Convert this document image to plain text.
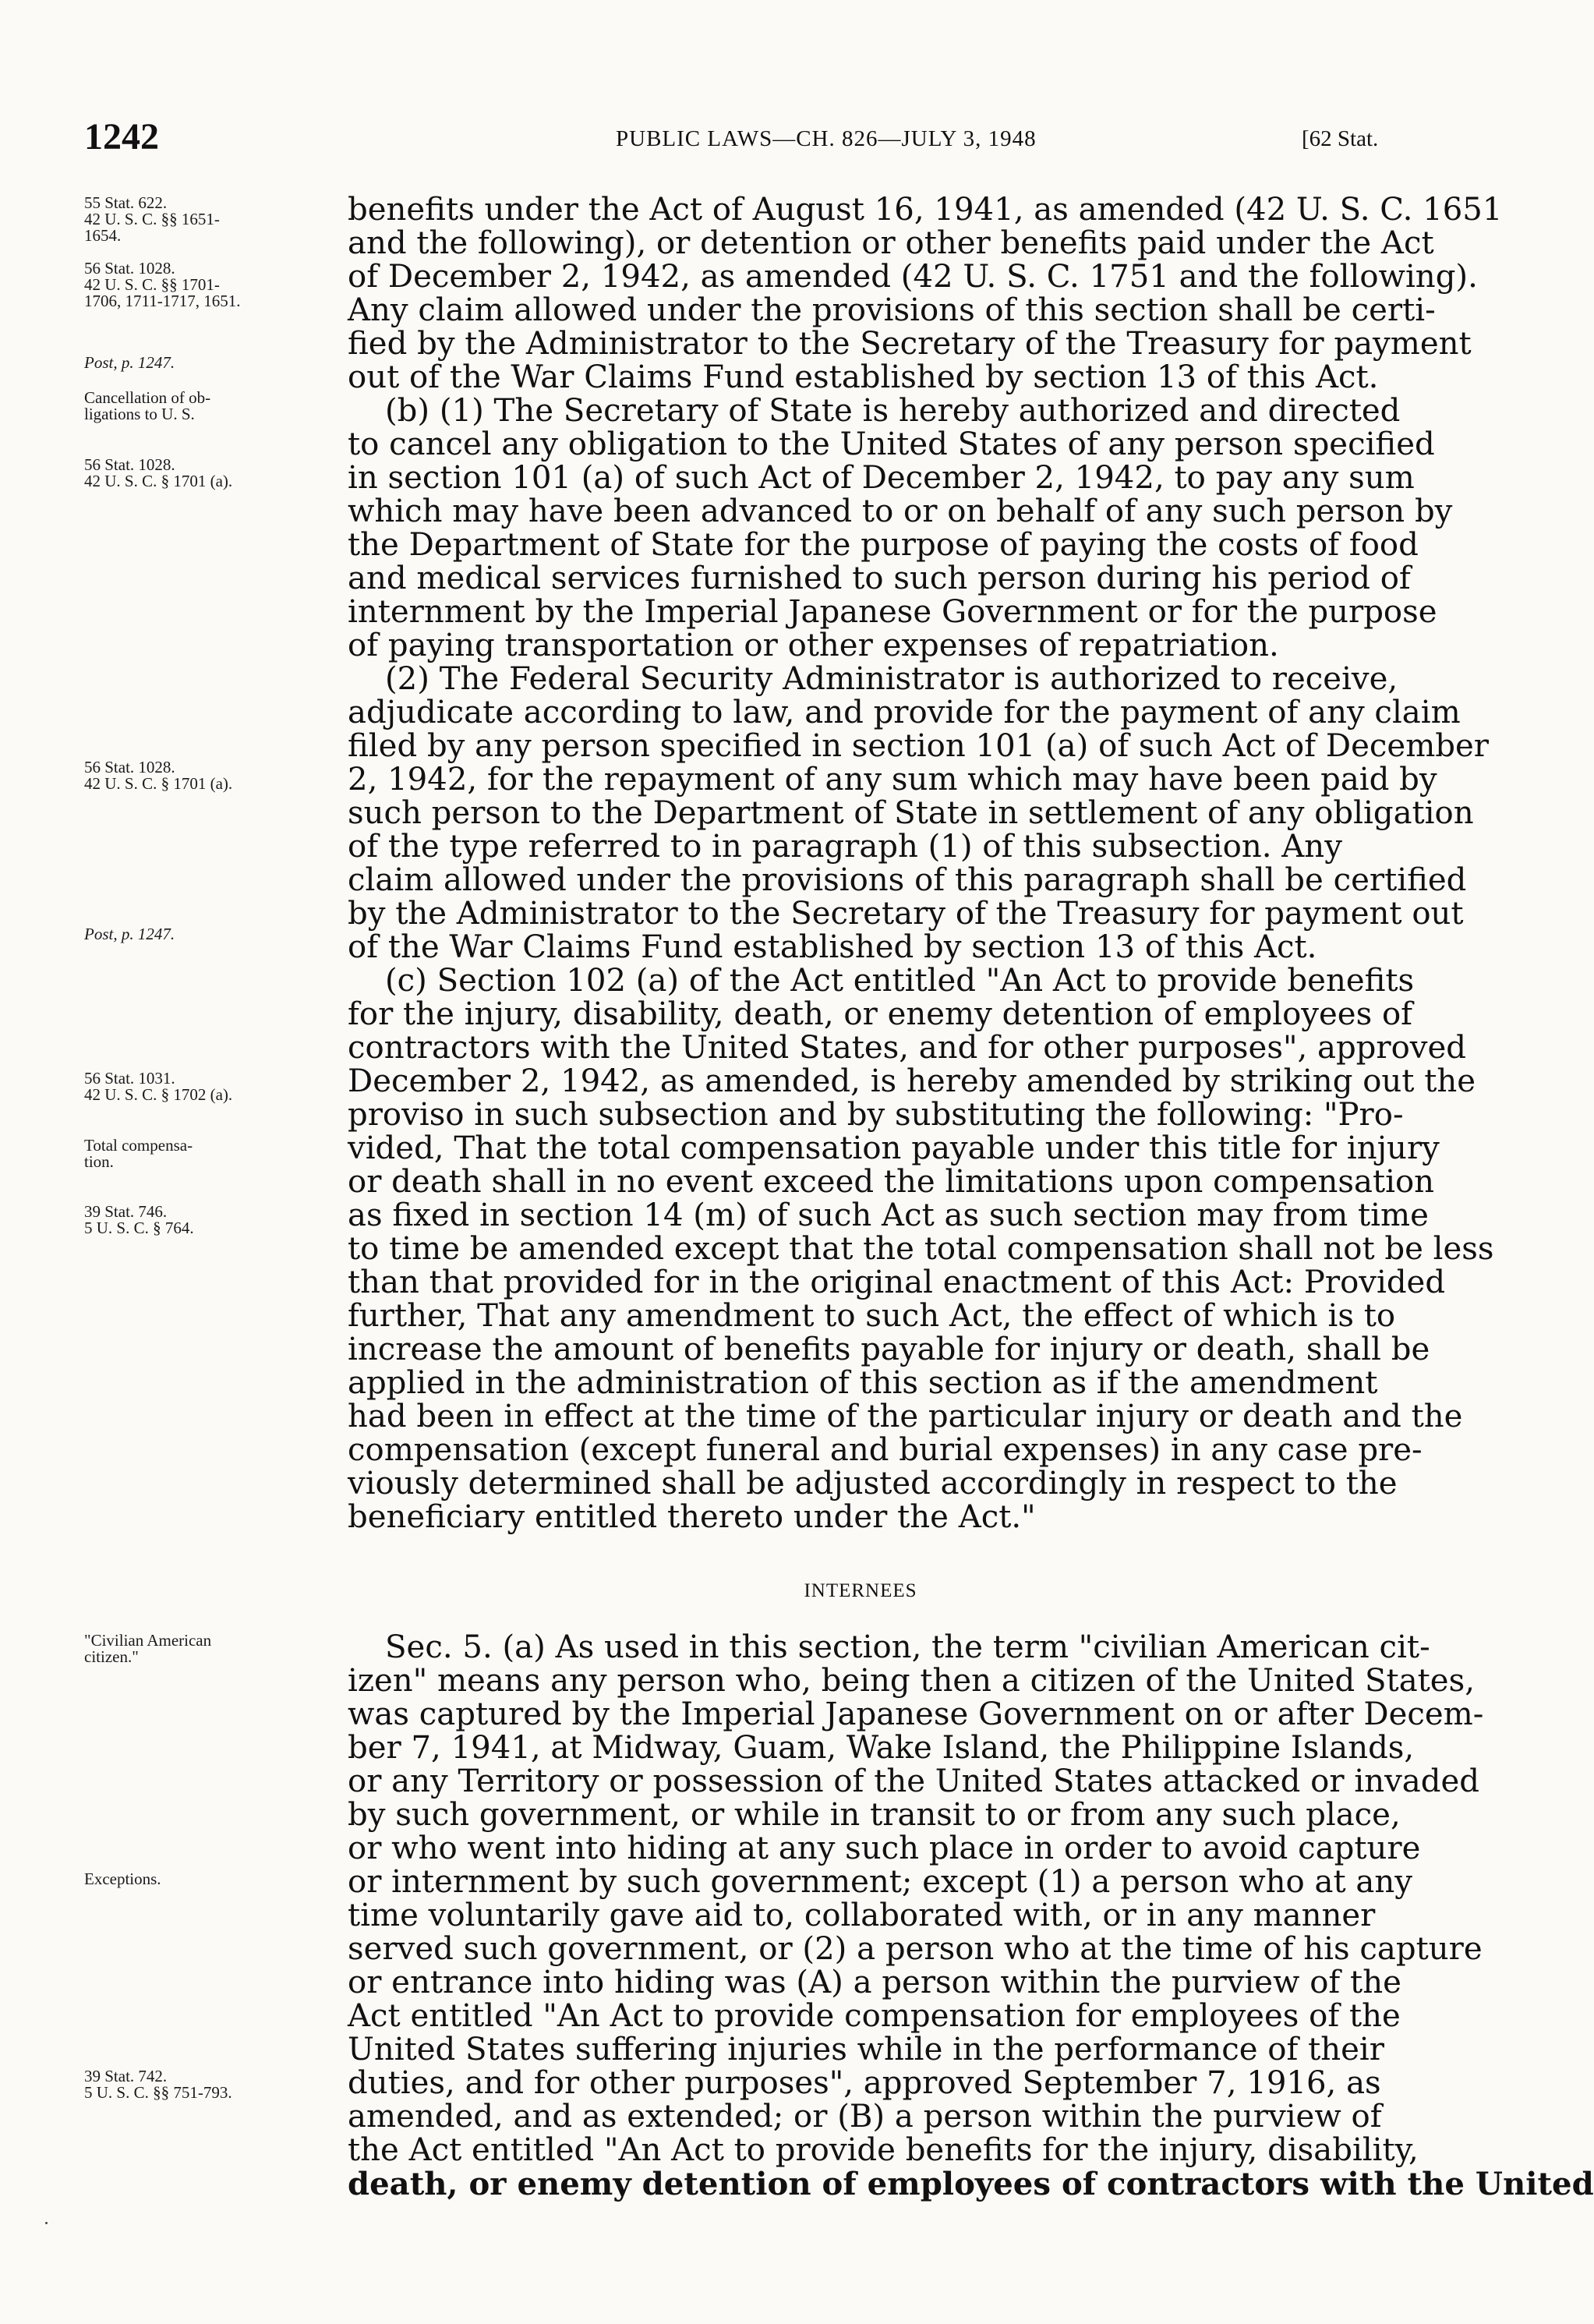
1242	PUBLIC LAWS—CH. 826—JULY 3, 1948	[62 Stat.
55 Stat. 622.
42 U. S. C. §§ 1651-
1654.
56 Stat. 1028.
42 U. S. C. §§ 1701-
1706, 1711-1717, 1651.
Post, p. 1247.
Cancellation of ob-
ligations to U. S.
56 Stat. 1028.
42 U. S. C. § 1701 (a).
56 Stat. 1028.
42 U. S. C. § 1701 (a).
Post, p. 1247.
56 Stat. 1031.
42 U. S. C. § 1702 (a).
Total compensa-
tion.
39 Stat. 746.
5 U. S. C. § 764.
benefits under the Act of August 16, 1941, as amended (42 U. S. C. 1651
and the following), or detention or other benefits paid under the Act
of December 2, 1942, as amended (42 U. S. C. 1751 and the following).
Any claim allowed under the provisions of this section shall be certi-
fied by the Administrator to the Secretary of the Treasury for payment
out of the War Claims Fund established by section 13 of this Act.
(b) (1) The Secretary of State is hereby authorized and directed
to cancel any obligation to the United States of any person specified
in section 101 (a) of such Act of December 2, 1942, to pay any sum
which may have been advanced to or on behalf of any such person by
the Department of State for the purpose of paying the costs of food
and medical services furnished to such person during his period of
internment by the Imperial Japanese Government or for the purpose
of paying transportation or other expenses of repatriation.
(2) The Federal Security Administrator is authorized to receive,
adjudicate according to law, and provide for the payment of any claim
filed by any person specified in section 101 (a) of such Act of December
2, 1942, for the repayment of any sum which may have been paid by
such person to the Department of State in settlement of any obligation
of the type referred to in paragraph (1) of this subsection. Any
claim allowed under the provisions of this paragraph shall be certified
by the Administrator to the Secretary of the Treasury for payment out
of the War Claims Fund established by section 13 of this Act.
(c) Section 102 (a) of the Act entitled "An Act to provide benefits
for the injury, disability, death, or enemy detention of employees of
contractors with the United States, and for other purposes", approved
December 2, 1942, as amended, is hereby amended by striking out the
proviso in such subsection and by substituting the following: "Pro-
vided, That the total compensation payable under this title for injury
or death shall in no event exceed the limitations upon compensation
as fixed in section 14 (m) of such Act as such section may from time
to time be amended except that the total compensation shall not be less
than that provided for in the original enactment of this Act: Provided
further, That any amendment to such Act, the effect of which is to
increase the amount of benefits payable for injury or death, shall be
applied in the administration of this section as if the amendment
had been in effect at the time of the particular injury or death and the
compensation (except funeral and burial expenses) in any case pre-
viously determined shall be adjusted accordingly in respect to the
beneficiary entitled thereto under the Act."
INTERNEES
"Civilian American
citizen."
Exceptions.
39 Stat. 742.
5 U. S. C. §§ 751-793.
Sec. 5. (a) As used in this section, the term "civilian American cit-
izen" means any person who, being then a citizen of the United States,
was captured by the Imperial Japanese Government on or after Decem-
ber 7, 1941, at Midway, Guam, Wake Island, the Philippine Islands,
or any Territory or possession of the United States attacked or invaded
by such government, or while in transit to or from any such place,
or who went into hiding at any such place in order to avoid capture
or internment by such government; except (1) a person who at any
time voluntarily gave aid to, collaborated with, or in any manner
served such government, or (2) a person who at the time of his capture
or entrance into hiding was (A) a person within the purview of the
Act entitled "An Act to provide compensation for employees of the
United States suffering injuries while in the performance of their
duties, and for other purposes", approved September 7, 1916, as
amended, and as extended; or (B) a person within the purview of
the Act entitled "An Act to provide benefits for the injury, disability,
death, or enemy detention of employees of contractors with the United
